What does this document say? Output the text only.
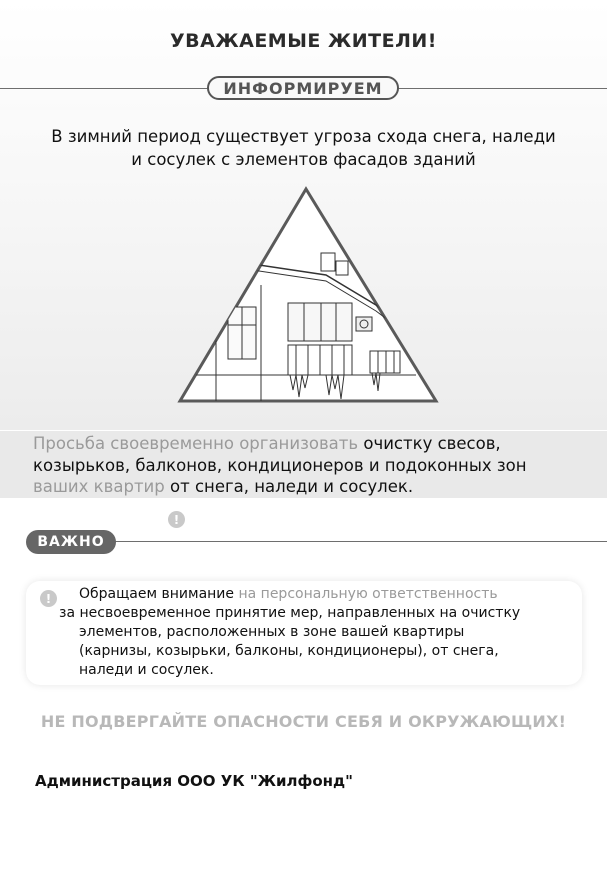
УВАЖАЕМЫЕ ЖИТЕЛИ!
ИНФОРМИРУЕМ
В зимний период существует угроза схода снега, наледи
и сосулек с элементов фасадов зданий
Просьба своевременно организовать очистку свесов,
козырьков, балконов, кондиционеров и подоконных зон
ваших квартир от снега, наледи и сосулек.
!
ВАЖНО
!	Обращаем внимание на персональную ответственность
за несвоевременное принятие мер, направленных на очистку
элементов, расположенных в зоне вашей квартиры
(карнизы, козырьки, балконы, кондиционеры), от снега,
наледи и сосулек.
НЕ ПОДВЕРГАЙТЕ ОПАСНОСТИ СЕБЯ И ОКРУЖАЮЩИХ!
Администрация ООО УК "Жилфонд"
